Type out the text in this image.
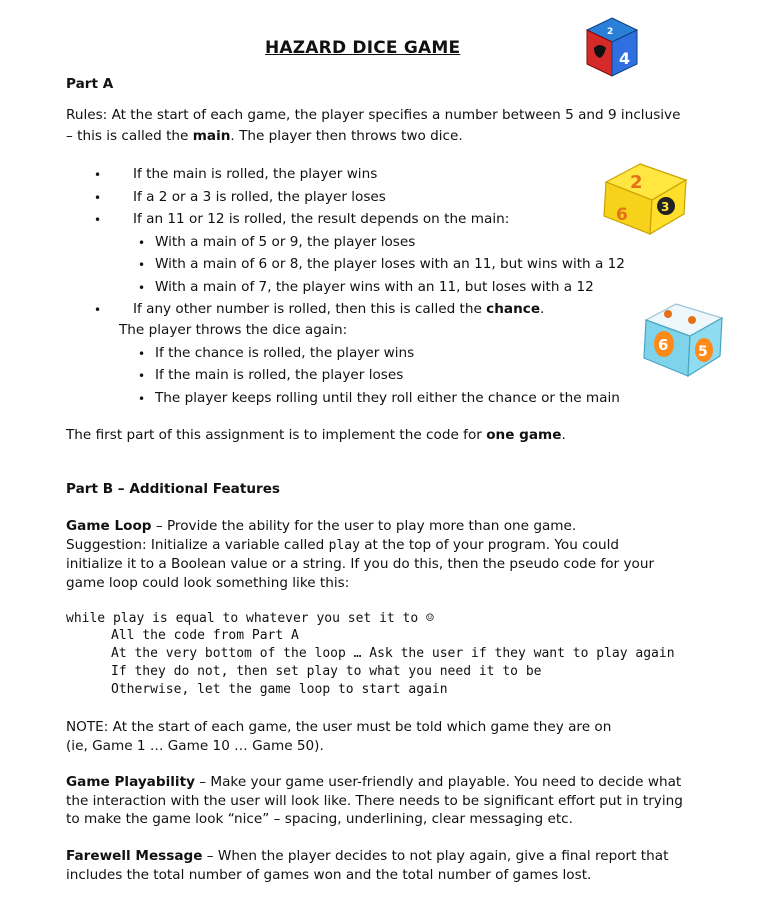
HAZARD DICE GAME
4
2
2
6	3
6 5
Part A
Rules: At the start of each game, the player specifies a number between 5 and 9 inclusive
– this is called the main. The player then throws two dice.
• If the main is rolled, the player wins
• If a 2 or a 3 is rolled, the player loses
• If an 11 or 12 is rolled, the result depends on the main:
• With a main of 5 or 9, the player loses
• With a main of 6 or 8, the player loses with an 11, but wins with a 12
• With a main of 7, the player wins with an 11, but loses with a 12
• If any other number is rolled, then this is called the chance.
The player throws the dice again:
• If the chance is rolled, the player wins
• If the main is rolled, the player loses
• The player keeps rolling until they roll either the chance or the main
The first part of this assignment is to implement the code for one game.
Part B – Additional Features
Game Loop – Provide the ability for the user to play more than one game.
Suggestion: Initialize a variable called play at the top of your program. You could
initialize it to a Boolean value or a string. If you do this, then the pseudo code for your
game loop could look something like this:
while play is equal to whatever you set it to ☺
All the code from Part A
At the very bottom of the loop … Ask the user if they want to play again
If they do not, then set play to what you need it to be
Otherwise, let the game loop to start again
NOTE: At the start of each game, the user must be told which game they are on
(ie, Game 1 … Game 10 … Game 50).
Game Playability – Make your game user-friendly and playable. You need to decide what
the interaction with the user will look like. There needs to be significant effort put in trying
to make the game look “nice” – spacing, underlining, clear messaging etc.
Farewell Message – When the player decides to not play again, give a final report that
includes the total number of games won and the total number of games lost.
